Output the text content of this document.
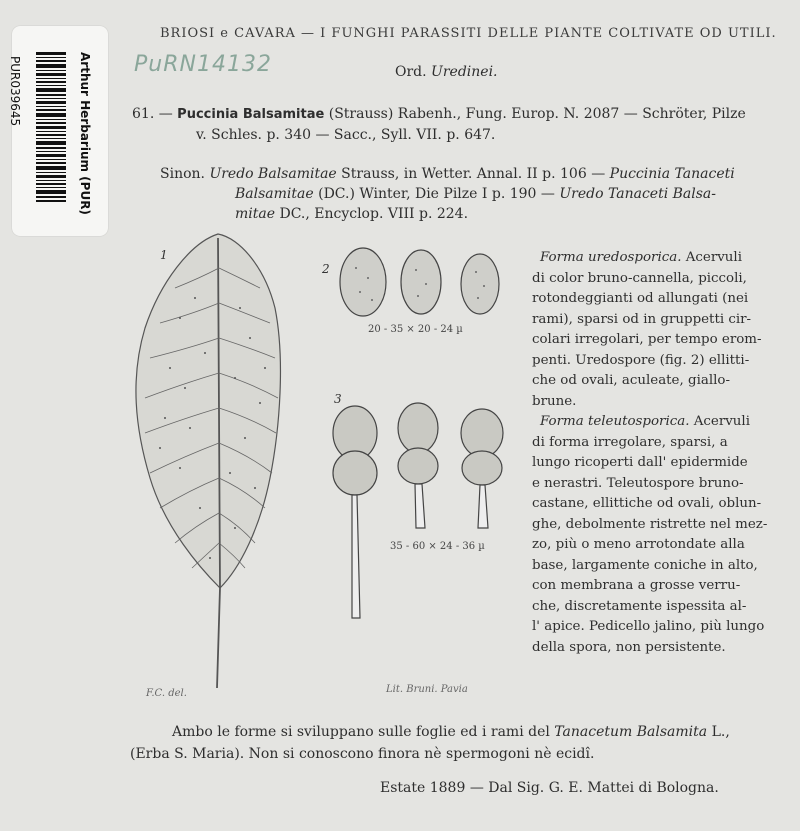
Arthur Herbarium (PUR)
PUR039645	PuRN14132
BRIOSI e CAVARA — I FUNGHI PARASSITI DELLE PIANTE COLTIVATE OD UTILI.
Ord. Uredinei.
61. — Puccinia Balsamitae (Strauss) Rabenh., Fung. Europ. N. 2087 — Schröter, Pilze
v. Schles. p. 340 — Sacc., Syll. VII. p. 647.
Sinon. Uredo Balsamitae Strauss, in Wetter. Annal. II p. 106 — Puccinia Tanaceti
Balsamitae (DC.) Winter, Die Pilze I p. 190 — Uredo Tanaceti Balsa-
mitae DC., Encyclop. VIII p. 224.
1
2
3
20 - 35 × 20 - 24 µ
35 - 60 × 24 - 36 µ
F.C. del.	Lit. Bruni. Pavia
Forma uredosporica. Acervuli
di color bruno-cannella, piccoli,
rotondeggianti od allungati (nei
rami), sparsi od in gruppetti cir-
colari irregolari, per tempo erom-
penti. Uredospore (fig. 2) ellitti-
che od ovali, aculeate, giallo-
brune.
Forma teleutosporica. Acervuli
di forma irregolare, sparsi, a
lungo ricoperti dall' epidermide
e nerastri. Teleutospore bruno-
castane, ellittiche od ovali, oblun-
ghe, debolmente ristrette nel mez-
zo, più o meno arrotondate alla
base, largamente coniche in alto,
con membrana a grosse verru-
che, discretamente ispessita al-
l' apice. Pedicello jalino, più lungo
della spora, non persistente.
Ambo le forme si sviluppano sulle foglie ed i rami del Tanacetum Balsamita L.,
(Erba S. Maria). Non si conoscono finora nè spermogoni nè ecidî.
Estate 1889 — Dal Sig. G. E. Mattei di Bologna.
